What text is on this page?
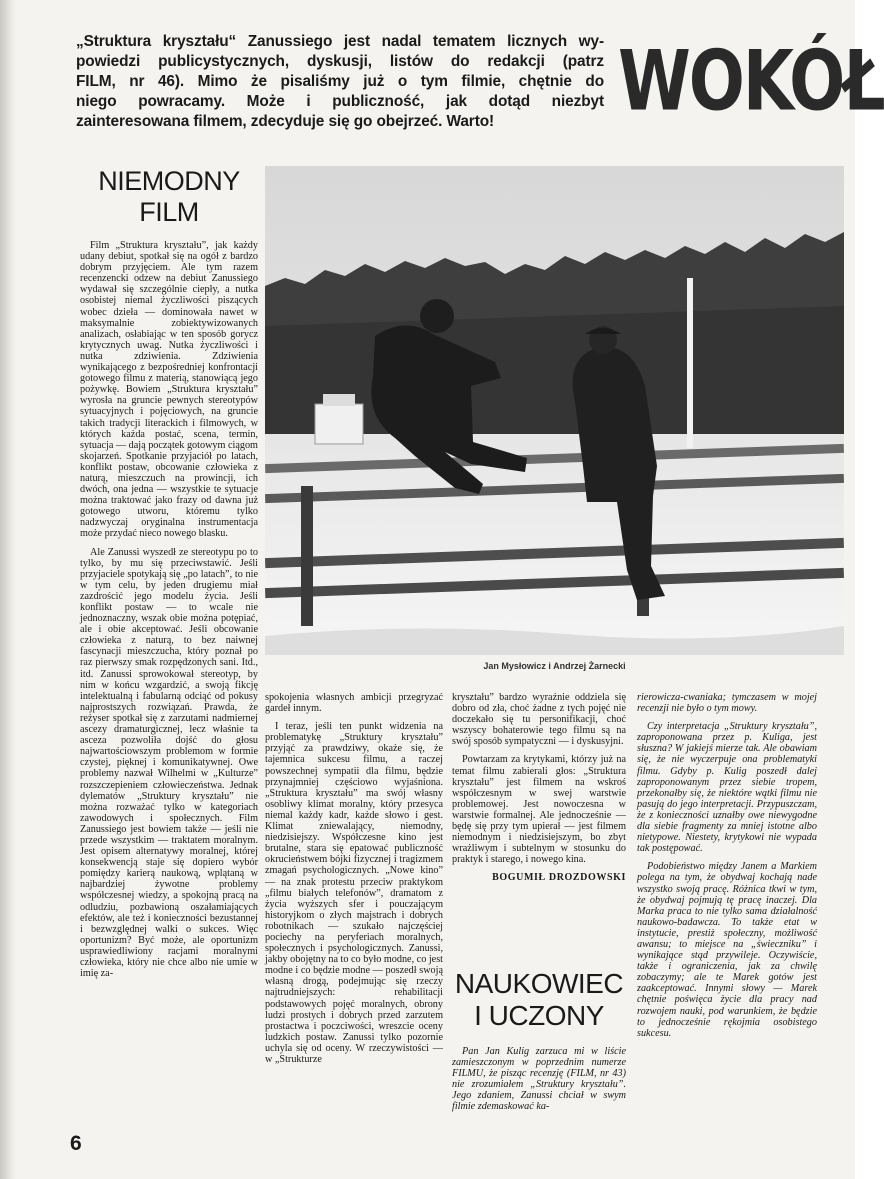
„Struktura kryształu“ Zanussiego jest nadal tematem licznych wy-

powiedzi publicystycznych, dyskusji, listów do redakcji (patrz

FILM, nr 46). Mimo że pisaliśmy już o tym filmie, chętnie do

niego powracamy. Może i publiczność, jak dotąd niezbyt

zainteresowana filmem, zdecyduje się go obejrzeć. Warto!	WOKÓŁ

NIEMODNY

FILM

Film „Struktura kryształu”, jak każdy udany debiut, spotkał się na ogół z bardzo dobrym przyjęciem. Ale tym razem recenzencki odzew na debiut Zanussiego wydawał się szczególnie ciepły, a nutka osobistej niemal życzliwości piszących wobec dzieła — dominowała nawet w maksymalnie zobiektywizowanych analizach, osłabiając w ten sposób gorycz krytycznych uwag. Nutka życzliwości i nutka zdziwienia. Zdziwienia wynikającego z bezpośredniej konfrontacji gotowego filmu z materią, stanowiącą jego pożywkę. Bowiem „Struktura kryształu” wyrosła na gruncie pewnych stereotypów sytuacyjnych i pojęciowych, na gruncie takich tradycji literackich i filmowych, w których każda postać, scena, termin, sytuacja — dają początek gotowym ciągom skojarzeń. Spotkanie przyjaciół po latach, konflikt postaw, obcowanie człowieka z naturą, mieszczuch na prowincji, ich dwóch, ona jedna — wszystkie te sytuacje można traktować jako frazy od dawna już gotowego utworu, któremu tylko nadzwyczaj oryginalna instrumentacja może przydać nieco nowego blasku.

Ale Zanussi wyszedł ze stereotypu po to tylko, by mu się przeciwstawić. Jeśli przyjaciele spotykają się „po latach”, to nie w tym celu, by jeden drugiemu miał zazdrościć jego modelu życia. Jeśli konflikt postaw — to wcale nie jednoznaczny, wszak obie można potępiać, ale i obie akceptować. Jeśli obcowanie człowieka z naturą, to bez naiwnej fascynacji mieszczucha, który poznał po raz pierwszy smak rozpędzonych sani. Itd., itd. Zanussi sprowokował stereotyp, by nim w końcu wzgardzić, a swoją fikcję intelektualną i fabularną odciąć od pokusy najprostszych rozwiązań. Prawda, że reżyser spotkał się z zarzutami nadmiernej ascezy dramaturgicznej, lecz właśnie ta asceza pozwoliła dojść do głosu najwartościowszym problemom w formie czystej, pięknej i komunikatywnej. Owe problemy nazwał Wilhelmi w „Kulturze” rozszczepieniem człowieczeństwa. Jednak dylematów „Struktury kryształu” nie można rozważać tylko w kategoriach zawodowych i społecznych. Film Zanussiego jest bowiem także — jeśli nie przede wszystkim — traktatem moralnym. Jest opisem alternatywy moralnej, której konsekwencją staje się dopiero wybór pomiędzy karierą naukową, wplątaną w najbardziej żywotne problemy współczesnej wiedzy, a spokojną pracą na odludziu, pozbawioną oszałamiających efektów, ale też i konieczności bezustannej i bezwzględnej walki o sukces. Więc oportunizm? Być może, ale oportunizm usprawiedliwiony racjami moralnymi człowieka, który nie chce albo nie umie w imię za-

Jan Mysłowicz i Andrzej Żarnecki

spokojenia własnych ambicji przegryzać gardeł innym.

I teraz, jeśli ten punkt widzenia na problematykę „Struktury kryształu” przyjąć za prawdziwy, okaże się, że tajemnica sukcesu filmu, a raczej powszechnej sympatii dla filmu, będzie przynajmniej częściowo wyjaśniona. „Struktura kryształu” ma swój własny osobliwy klimat moralny, który przesyca niemal każdy kadr, każde słowo i gest. Klimat zniewalający, niemodny, niedzisiejszy. Współczesne kino jest brutalne, stara się epatować publiczność okrucieństwem bójki fizycznej i tragizmem zmagań psychologicznych. „Nowe kino” — na znak protestu przeciw praktykom „filmu białych telefonów”, dramatom z życia wyższych sfer i pouczającym historyjkom o złych majstrach i dobrych robotnikach — szukało najczęściej pociechy na peryferiach moralnych, społecznych i psychologicznych. Zanussi, jakby obojętny na to co było modne, co jest modne i co będzie modne — poszedł swoją własną drogą, podejmując się rzeczy najtrudniejszych: rehabilitacji podstawowych pojęć moralnych, obrony ludzi prostych i dobrych przed zarzutem prostactwa i poczciwości, wreszcie oceny ludzkich postaw. Zanussi tylko pozornie uchyla się od oceny. W rzeczywistości — w „Strukturze

kryształu” bardzo wyraźnie oddziela się dobro od zła, choć żadne z tych pojęć nie doczekało się tu personifikacji, choć wszyscy bohaterowie tego filmu są na swój sposób sympatyczni — i dyskusyjni.

Powtarzam za krytykami, którzy już na temat filmu zabierali głos: „Struktura kryształu” jest filmem na wskroś współczesnym w swej warstwie problemowej. Jest nowoczesna w warstwie formalnej. Ale jednocześnie — będę się przy tym upierał — jest filmem niemodnym i niedzisiejszym, bo zbyt wrażliwym i subtelnym w stosunku do praktyk i starego, i nowego kina.

BOGUMIŁ DROZDOWSKI

NAUKOWIEC

I UCZONY

Pan Jan Kulig zarzuca mi w liście zamieszczonym w poprzednim numerze FILMU, że pisząc recenzję (FILM, nr 43) nie zrozumiałem „Struktury kryształu”. Jego zdaniem, Zanussi chciał w swym filmie zdemaskować ka-

rierowicza-cwaniaka; tymczasem w mojej recenzji nie było o tym mowy.

Czy interpretacja „Struktury kryształu”, zaproponowana przez p. Kuliga, jest słuszna? W jakiejś mierze tak. Ale obawiam się, że nie wyczerpuje ona problematyki filmu. Gdyby p. Kulig poszedł dalej zaproponowanym przez siebie tropem, przekonałby się, że niektóre wątki filmu nie pasują do jego interpretacji. Przypuszczam, że z konieczności uznałby owe niewygodne dla siebie fragmenty za mniej istotne albo nietypowe. Niestety, krytykowi nie wypada tak postępować.

Podobieństwo między Janem a Markiem polega na tym, że obydwaj kochają nade wszystko swoją pracę. Różnica tkwi w tym, że obydwaj pojmują tę pracę inaczej. Dla Marka praca to nie tylko sama działalność naukowo-badawcza. To także etat w instytucie, prestiż społeczny, możliwość awansu; to miejsce na „świeczniku” i wynikające stąd przywileje. Oczywiście, także i ograniczenia, jak za chwilę zobaczymy; ale te Marek gotów jest zaakceptować. Innymi słowy — Marek chętnie poświęca życie dla pracy nad rozwojem nauki, pod warunkiem, że będzie to jednocześnie rękojmia osobistego sukcesu.

6
